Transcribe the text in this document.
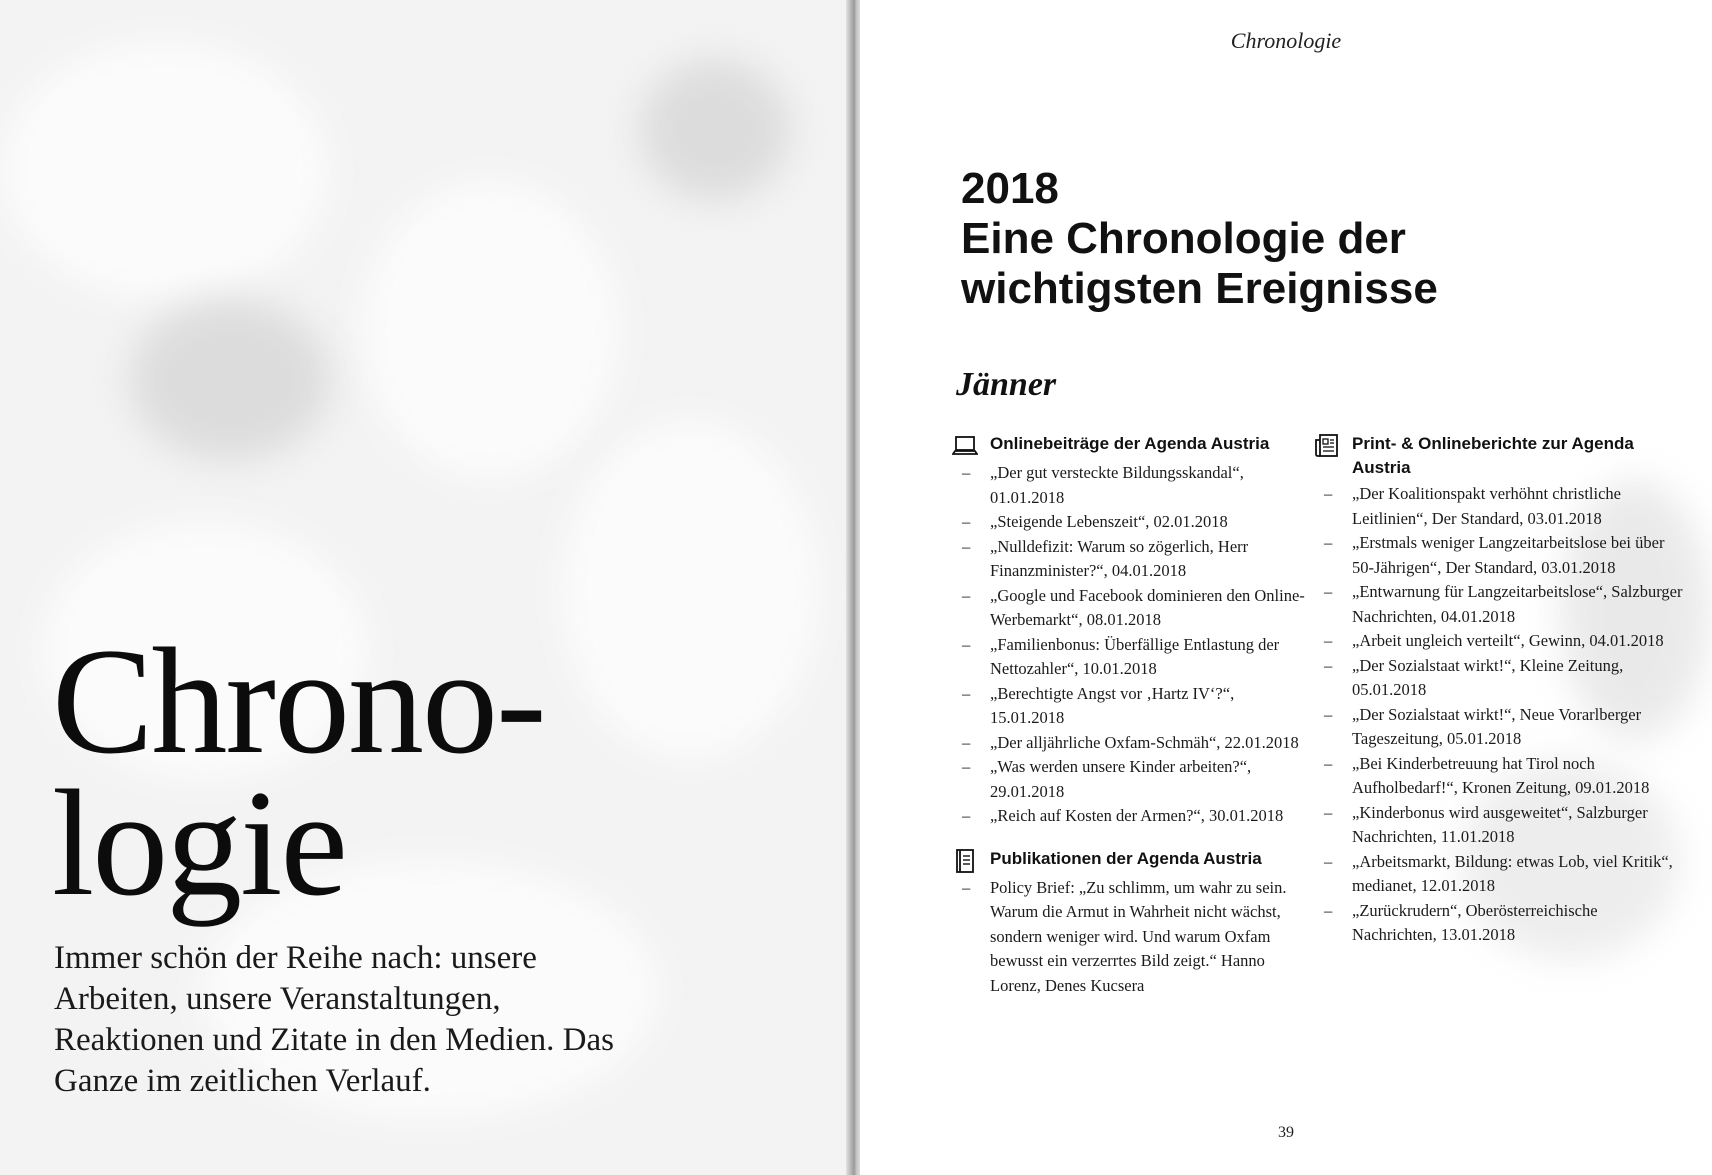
Chrono-
logie

Immer schön der Reihe nach: unsere Arbeiten, unsere Veranstaltungen, Reaktionen und Zitate in den Medien. Das Ganze im zeitlichen Verlauf.

Chronologie
2018
Eine Chronologie der
wichtigsten Ereignisse
Jänner
Onlinebeiträge der Agenda Austria
– „Der gut versteckte Bildungsskandal“, 01.01.2018
– „Steigende Lebenszeit“, 02.01.2018
– „Nulldefizit: Warum so zögerlich, Herr Finanzminister?“, 04.01.2018
– „Google und Facebook dominieren den Online-Werbemarkt“, 08.01.2018
– „Familienbonus: Überfällige Entlastung der Nettozahler“, 10.01.2018
– „Berechtigte Angst vor ‚Hartz IV‘?“, 15.01.2018
– „Der alljährliche Oxfam-Schmäh“, 22.01.2018
– „Was werden unsere Kinder arbeiten?“, 29.01.2018
– „Reich auf Kosten der Armen?“, 30.01.2018
Publikationen der Agenda Austria
– Policy Brief: „Zu schlimm, um wahr zu sein. Warum die Armut in Wahrheit nicht wächst, sondern weniger wird. Und warum Oxfam bewusst ein verzerrtes Bild zeigt.“ Hanno Lorenz, Denes Kucsera
Print- & Onlineberichte zur Agenda Austria
– „Der Koalitionspakt verhöhnt christliche Leitlinien“, Der Standard, 03.01.2018
– „Erstmals weniger Langzeitarbeitslose bei über 50-Jährigen“, Der Standard, 03.01.2018
– „Entwarnung für Langzeitarbeitslose“, Salzburger Nachrichten, 04.01.2018
– „Arbeit ungleich verteilt“, Gewinn, 04.01.2018
– „Der Sozialstaat wirkt!“, Kleine Zeitung, 05.01.2018
– „Der Sozialstaat wirkt!“, Neue Vorarlberger Tageszeitung, 05.01.2018
– „Bei Kinderbetreuung hat Tirol noch Aufholbedarf!“, Kronen Zeitung, 09.01.2018
– „Kinderbonus wird ausgeweitet“, Salzburger Nachrichten, 11.01.2018
– „Arbeitsmarkt, Bildung: etwas Lob, viel Kritik“, medianet, 12.01.2018
– „Zurückrudern“, Oberösterreichische Nachrichten, 13.01.2018
39
